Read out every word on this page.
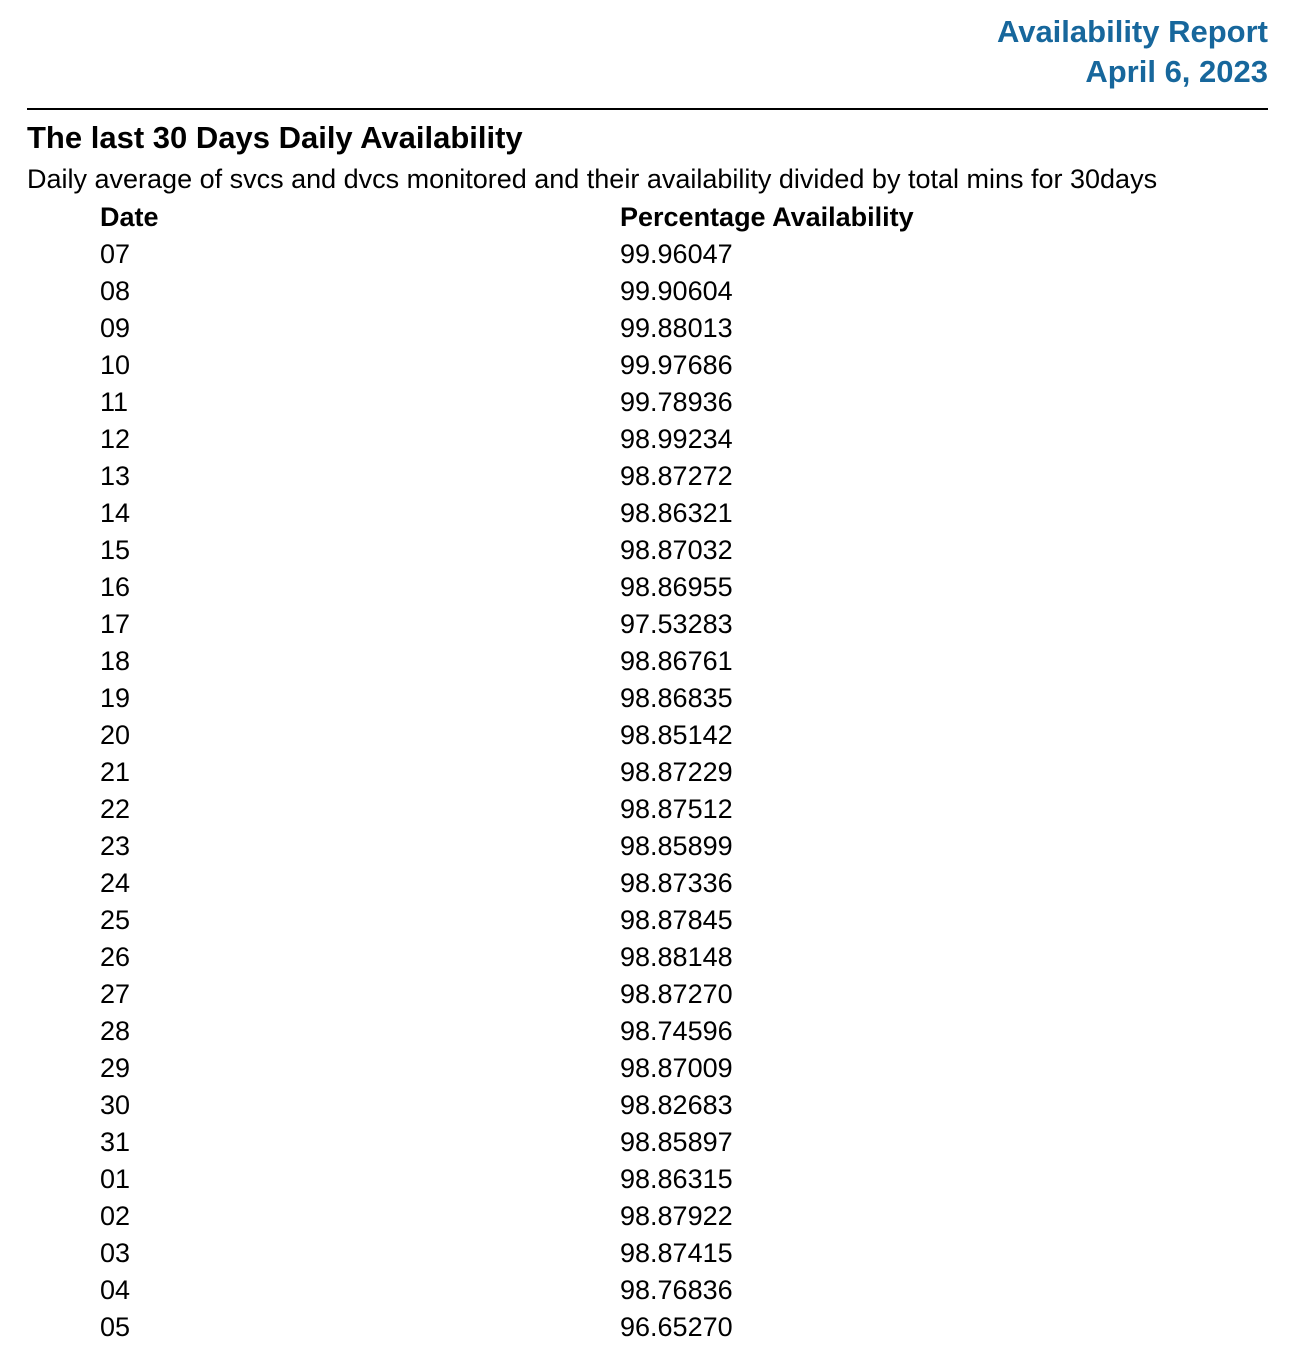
Availability Report
April 6, 2023
The last 30 Days Daily Availability
Daily average of svcs and dvcs monitored and their availability divided by total mins for 30days
Date	Percentage Availability
07	99.96047
08	99.90604
09	99.88013
10	99.97686
11	99.78936
12	98.99234
13	98.87272
14	98.86321
15	98.87032
16	98.86955
17	97.53283
18	98.86761
19	98.86835
20	98.85142
21	98.87229
22	98.87512
23	98.85899
24	98.87336
25	98.87845
26	98.88148
27	98.87270
28	98.74596
29	98.87009
30	98.82683
31	98.85897
01	98.86315
02	98.87922
03	98.87415
04	98.76836
05	96.65270
